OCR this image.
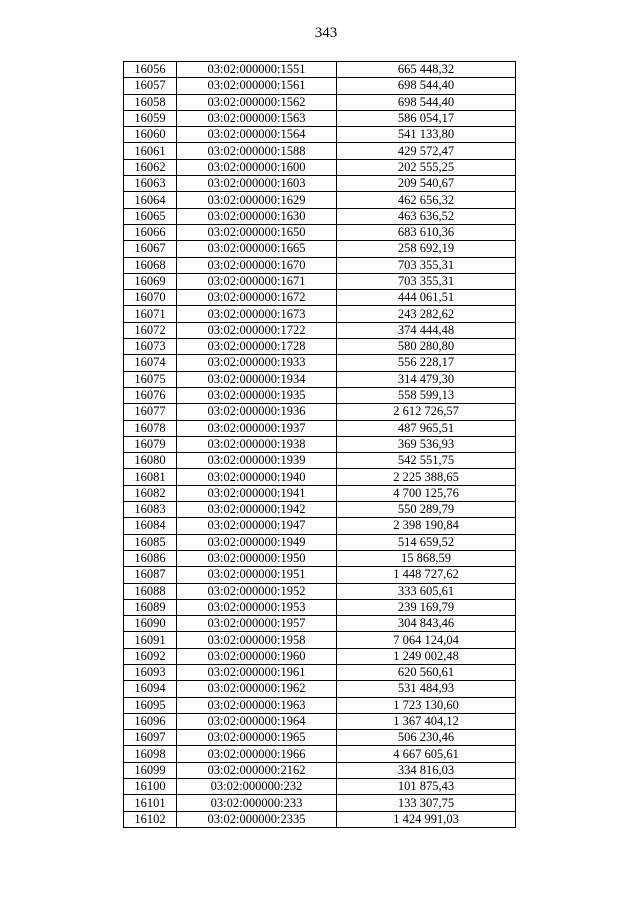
343
16056	03:02:000000:1551	665 448,32
16057	03:02:000000:1561	698 544,40
16058	03:02:000000:1562	698 544,40
16059	03:02:000000:1563	586 054,17
16060	03:02:000000:1564	541 133,80
16061	03:02:000000:1588	429 572,47
16062	03:02:000000:1600	202 555,25
16063	03:02:000000:1603	209 540,67
16064	03:02:000000:1629	462 656,32
16065	03:02:000000:1630	463 636,52
16066	03:02:000000:1650	683 610,36
16067	03:02:000000:1665	258 692,19
16068	03:02:000000:1670	703 355,31
16069	03:02:000000:1671	703 355,31
16070	03:02:000000:1672	444 061,51
16071	03:02:000000:1673	243 282,62
16072	03:02:000000:1722	374 444,48
16073	03:02:000000:1728	580 280,80
16074	03:02:000000:1933	556 228,17
16075	03:02:000000:1934	314 479,30
16076	03:02:000000:1935	558 599,13
16077	03:02:000000:1936	2 612 726,57
16078	03:02:000000:1937	487 965,51
16079	03:02:000000:1938	369 536,93
16080	03:02:000000:1939	542 551,75
16081	03:02:000000:1940	2 225 388,65
16082	03:02:000000:1941	4 700 125,76
16083	03:02:000000:1942	550 289,79
16084	03:02:000000:1947	2 398 190,84
16085	03:02:000000:1949	514 659,52
16086	03:02:000000:1950	15 868,59
16087	03:02:000000:1951	1 448 727,62
16088	03:02:000000:1952	333 605,61
16089	03:02:000000:1953	239 169,79
16090	03:02:000000:1957	304 843,46
16091	03:02:000000:1958	7 064 124,04
16092	03:02:000000:1960	1 249 002,48
16093	03:02:000000:1961	620 560,61
16094	03:02:000000:1962	531 484,93
16095	03:02:000000:1963	1 723 130,60
16096	03:02:000000:1964	1 367 404,12
16097	03:02:000000:1965	506 230,46
16098	03:02:000000:1966	4 667 605,61
16099	03:02:000000:2162	334 816,03
16100	03:02:000000:232	101 875,43
16101	03:02:000000:233	133 307,75
16102	03:02:000000:2335	1 424 991,03
